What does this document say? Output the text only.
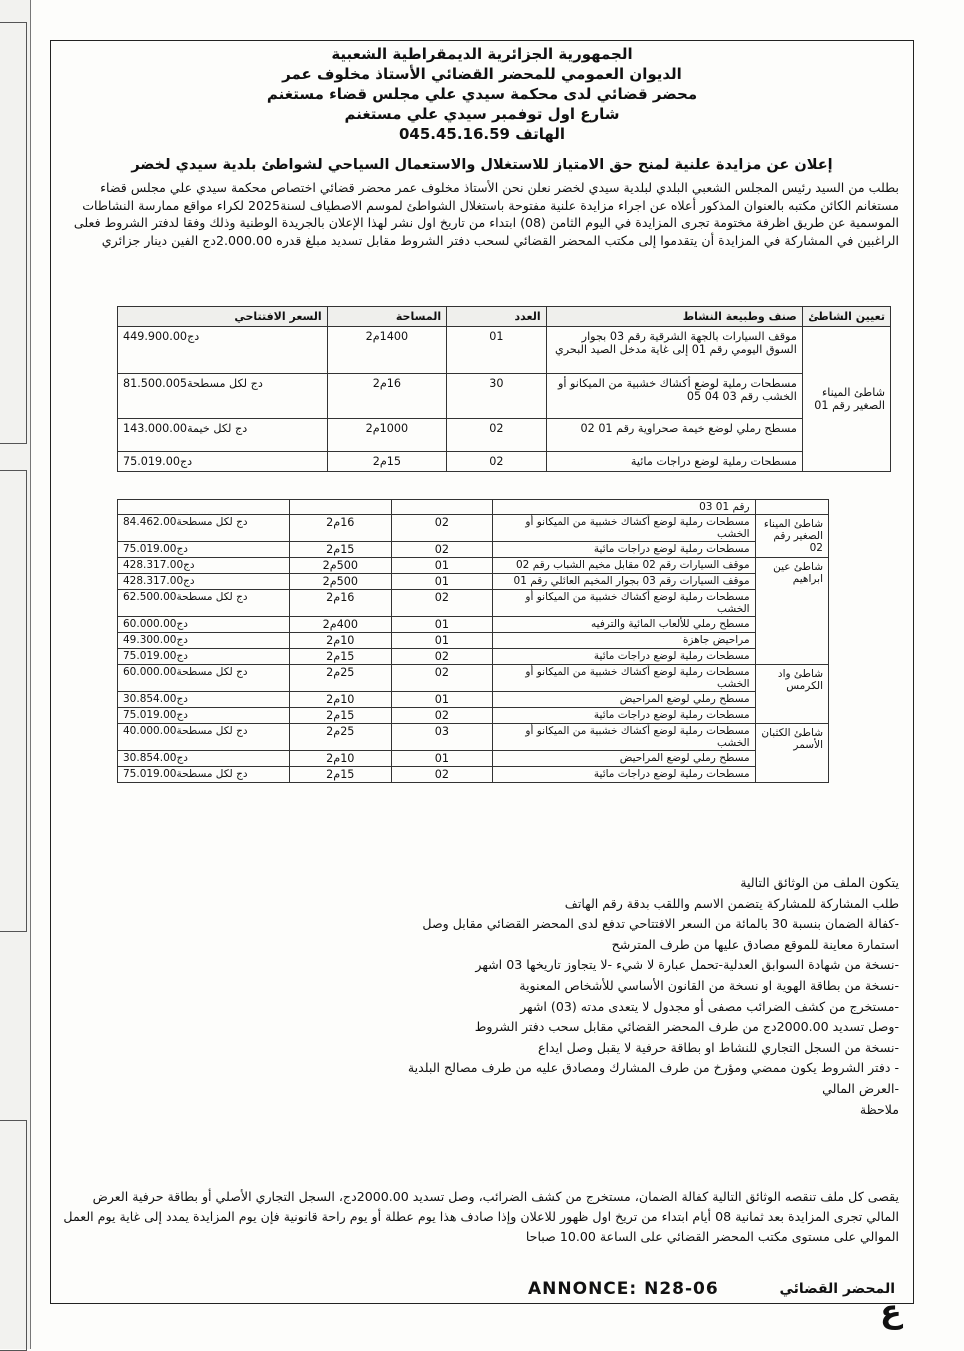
الجمهورية الجزائرية الديمقراطية الشعبية
الديوان العمومي للمحضر القضائي الأستاذ مخلوف عمر
محضر قضائي لدى محكمة سيدي علي مجلس قضاء مستغنم
شارع اول توفمبر سيدي علي مستغنم
الهاتف 045.45.16.59
إعلان عن مزايدة علنية لمنح حق الامتياز للاستغلال والاستعمال السياحي لشواطئ بلدية سيدي لخضر
بطلب من السيد رئيس المجلس الشعبي البلدي لبلدية سيدي لخضر نعلن نحن الأستاذ مخلوف عمر محضر قضائي اختصاص محكمة سيدي علي مجلس قضاء مستغانم الكائن مكتبه بالعنوان المذكور أعلاه عن اجراء مزايدة علنية مفتوحة باستغلال الشواطئ لموسم الاصطياف لسنة2025 لكراء مواقع ممارسة النشاطات الموسمية عن طريق اظرفة مختومة تجرى المزايدة في اليوم الثامن (08) ابتداء من تاريخ اول نشر لهذا الإعلان بالجريدة الوطنية وذلك وفقا لدفتر الشروط فعلى الراغبين في المشاركة في المزايدة أن يتقدموا إلى مكتب المحضر القضائي لسحب دفتر الشروط مقابل تسديد مبلغ قدره 2.000.00دج الفين دينار جزائري
تعيين الشاطئ	صنف وطبيعة النشاط	العدد	المساحة	السعر الافتتاحي
شاطئ الميناء الصغير رقم 01	موقف السيارات بالجهة الشرقية رقم 03 بجوار السوق اليومي رقم 01 إلى غاية مدخل الصيد البحري	01	1400م2	449.900.00دج
	مسطحات رملية لوضع أكشاك خشبية من الميكانو أو الخشب رقم 03 04 05	30	16م2	81.500.005دج لكل مسطحة
	مسطح رملي لوضع خيمة صحراوية رقم 01 02	02	1000م2	143.000.00دج لكل خيمة
	مسطحات رملية لوضع دراجات مائية	02	15م2	75.019.00دج
	رقم 01 03			
شاطئ الميناء الصغير رقم 02	مسطحات رملية لوضع أكشاك خشبية من الميكانو أو الخشب	02	16م2	84.462.00دج لكل مسطحة
	مسطحات رملية لوضع دراجات مائية	02	15م2	75.019.00دج
شاطئ عين ابراهيم	موقف السيارات رقم 02 مقابل مخيم الشباب رقم 02	01	500م2	428.317.00دج
	موقف السيارات رقم 03 بجوار المخيم العائلي رقم 01	01	500م2	428.317.00دج
	مسطحات رملية لوضع أكشاك خشبية من الميكانو أو الخشب	02	16م2	62.500.00دج لكل مسطحة
	مسطح رملي للألعاب المائية والترفيه	01	400م2	60.000.00دج
	مراحيض جاهزة	01	10م2	49.300.00دج
	مسطحات رملية لوضع دراجات مائية	02	15م2	75.019.00دج
شاطئ واد الكرمس	مسطحات رملية لوضع أكشاك خشبية من الميكانو أو الخشب	02	25م2	60.000.00دج لكل مسطحة
	مسطح رملي لوضع المراحيض	01	10م2	30.854.00دج
	مسطحات رملية لوضع دراجات مائية	02	15م2	75.019.00دج
شاطئ الكثبان الأسمر	مسطحات رملية لوضع أكشاك خشبية من الميكانو أو الخشب	03	25م2	40.000.00دج لكل مسطحة
	مسطح رملي لوضع المراحيض	01	10م2	30.854.00دج
	مسطحات رملية لوضع دراجات مائية	02	15م2	75.019.00دج لكل مسطحة
يتكون الملف من الوثائق التالية
طلب المشاركة للمشاركة يتضمن الاسم واللقب بدقة رقم الهاتف
-كفالة الضمان بنسبة 30 بالمائة من السعر الافتتاحي تدفع لدى المحضر القضائي مقابل وصل
استمارة معاينة للموقع مصادق عليها من طرف المترشح
-نسخة من شهادة السوابق العدلية-تحمل عبارة لا شيء -لا يتجاوز تاريخها 03 اشهر
-نسخة من بطاقة الهوية او نسخة من القانون الأساسي للأشخاص المعنوية
-مستخرج من كشف الضرائب مصفى أو مجدول لا يتعدى مدته (03) اشهر
-وصل تسديد 2000.00دج من طرف المحضر القضائي مقابل سحب دفتر الشروط
-نسخة من السجل التجاري للنشاط او بطاقة حرفية لا يقبل وصل ايداع
- دفتر الشروط يكون ممضي ومؤرخ من طرف المشارك ومصادق عليه من طرف مصالح البلدية
-العرض المالي
ملاحظة
يقصى كل ملف تنقصه الوثائق التالية كفالة الضمان، مستخرج من كشف الضرائب، وصل تسديد 2000.00دج، السجل التجاري الأصلي أو بطاقة حرفية العرض المالي تجرى المزايدة بعد ثمانية 08 أيام ابتداء من تريخ اول ظهور للاعلان وإذا صادف هذا يوم عطلة أو يوم راحة قانونية فإن يوم المزايدة يمدد إلى غاية يوم العمل الموالي على مستوى مكتب المحضر القضائي على الساعة 10.00 صباحا
المحضر القضائي
ANNONCE: N28-06
ع
